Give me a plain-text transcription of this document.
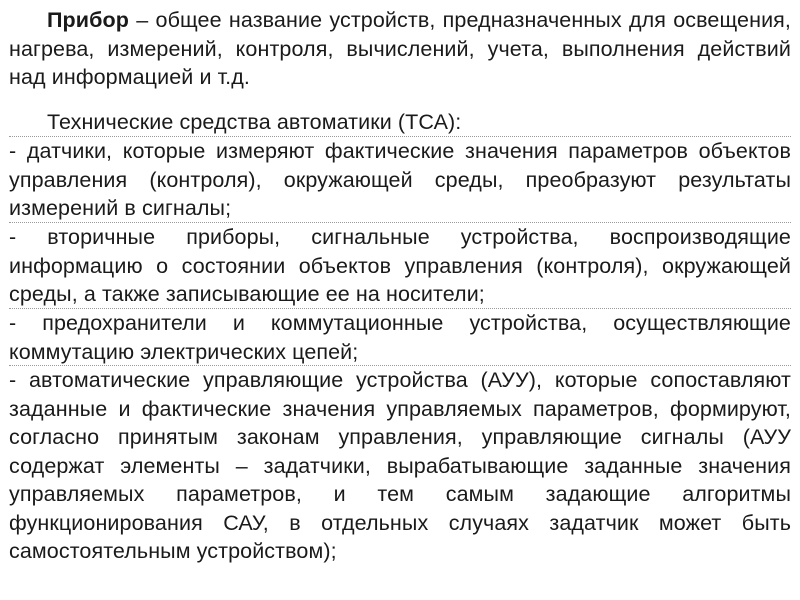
Прибор – общее название устройств, предназначенных для освещения, нагрева, измерений, контроля, вычислений, учета, выполнения действий над информацией и т.д.

Технические средства автоматики (ТСА):

- датчики, которые измеряют фактические значения параметров объектов управления (контроля), окружающей среды, преобразуют результаты измерений в сигналы;

- вторичные приборы, сигнальные устройства, воспроизводящие информацию о состоянии объектов управления (контроля), окружающей среды, а также записывающие ее на носители;

- предохранители и коммутационные устройства, осуществляющие коммутацию электрических цепей;

- автоматические управляющие устройства (АУУ), которые сопоставляют заданные и фактические значения управляемых параметров, формируют, согласно принятым законам управления, управляющие сигналы (АУУ содержат элементы – задатчики, вырабатывающие заданные значения управляемых параметров, и тем самым задающие алгоритмы функционирования САУ, в отдельных случаях задатчик может быть самостоятельным устройством);
